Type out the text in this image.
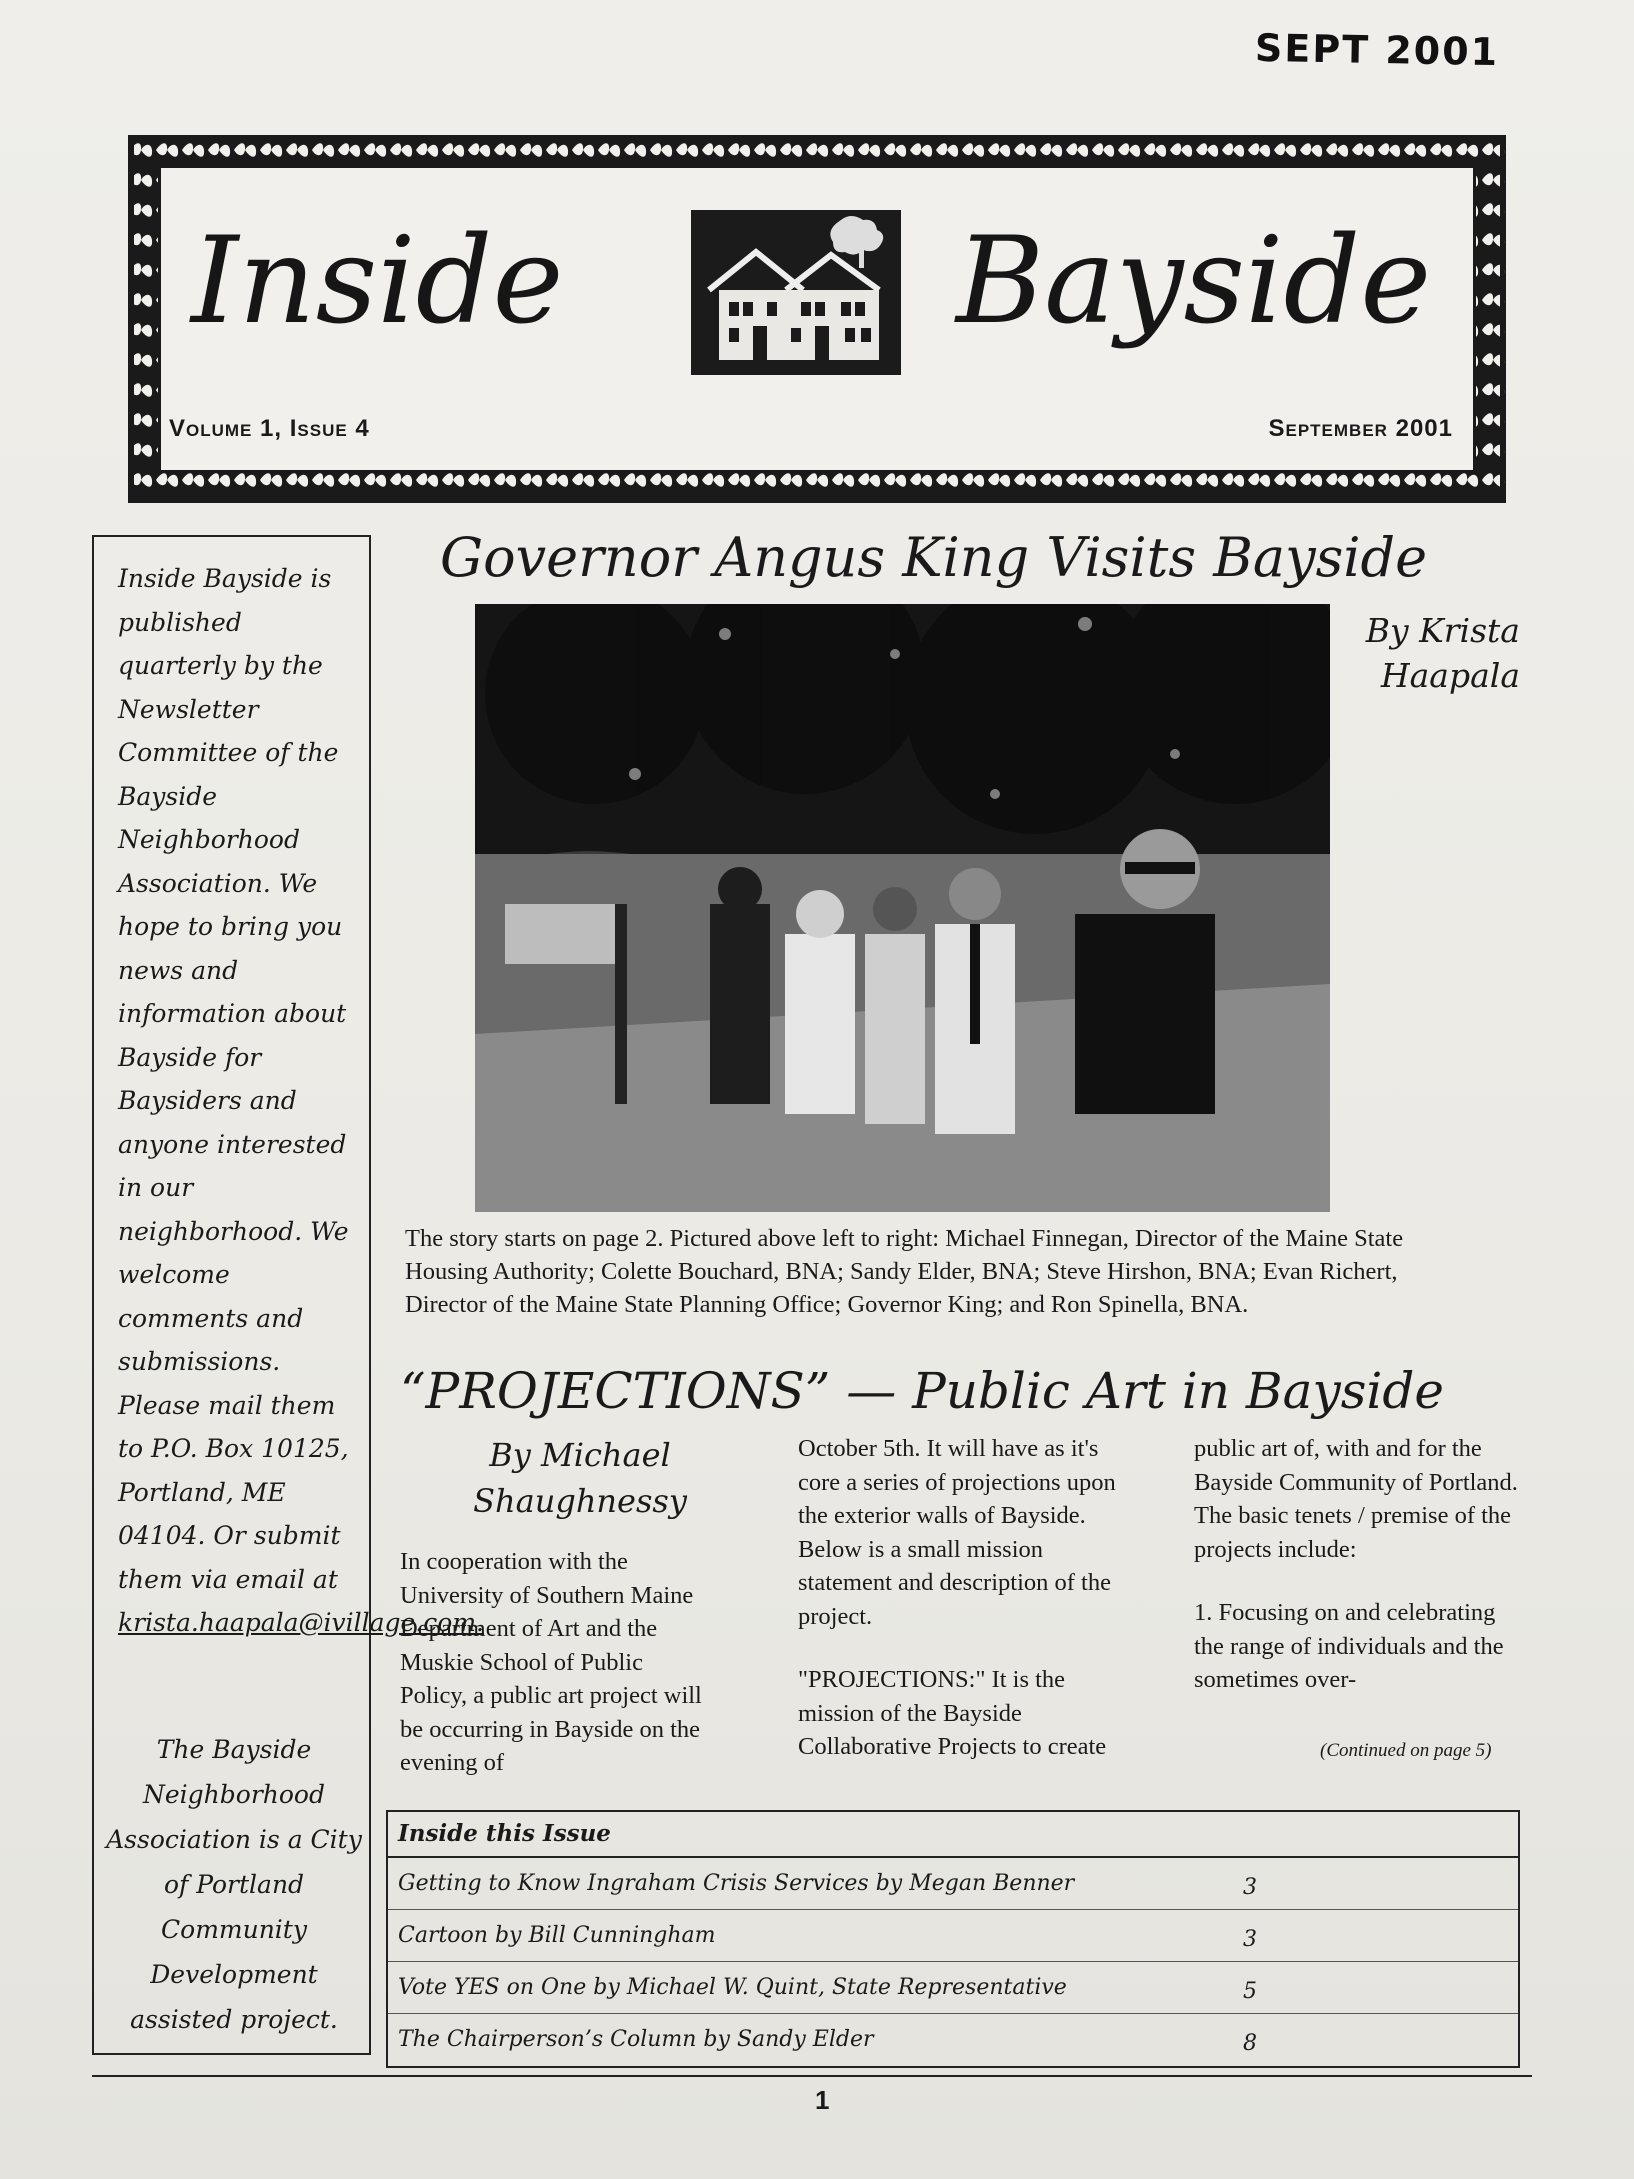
SEPT 2001
Inside	Bayside
Volume 1, Issue 4	September 2001
Inside Bayside is published quarterly by the Newsletter Committee of the Bayside Neighborhood Association. We hope to bring you news and information about Bayside for Baysiders and anyone interested in our neighborhood. We welcome comments and submissions. Please mail them to P.O. Box 10125, Portland, ME 04104. Or submit them via email at krista.haapala@ivillage.com.
The Bayside Neighborhood Association is a City of Portland Community Development assisted project.
Governor Angus King Visits Bayside
By Krista Haapala
The story starts on page 2. Pictured above left to right: Michael Finnegan, Director of the Maine State Housing Authority; Colette Bouchard, BNA; Sandy Elder, BNA; Steve Hirshon, BNA; Evan Richert, Director of the Maine State Planning Office; Governor King; and Ron Spinella, BNA.
“PROJECTIONS” — Public Art in Bayside
By Michael Shaughnessy

In cooperation with the University of Southern Maine Department of Art and the Muskie School of Public Policy, a public art project will be occurring in Bayside on the evening of

October 5th. It will have as it's core a series of projections upon the exterior walls of Bayside. Below is a small mission statement and description of the project.

"PROJECTIONS:" It is the mission of the Bayside Collaborative Projects to create

public art of, with and for the Bayside Community of Portland. The basic tenets / premise of the projects include:

1. Focusing on and celebrating the range of individuals and the sometimes over-

(Continued on page 5)
Inside this Issue
Getting to Know Ingraham Crisis Services by Megan Benner	3
Cartoon by Bill Cunningham	3
Vote YES on One by Michael W. Quint, State Representative	5
The Chairperson’s Column by Sandy Elder	8
1
